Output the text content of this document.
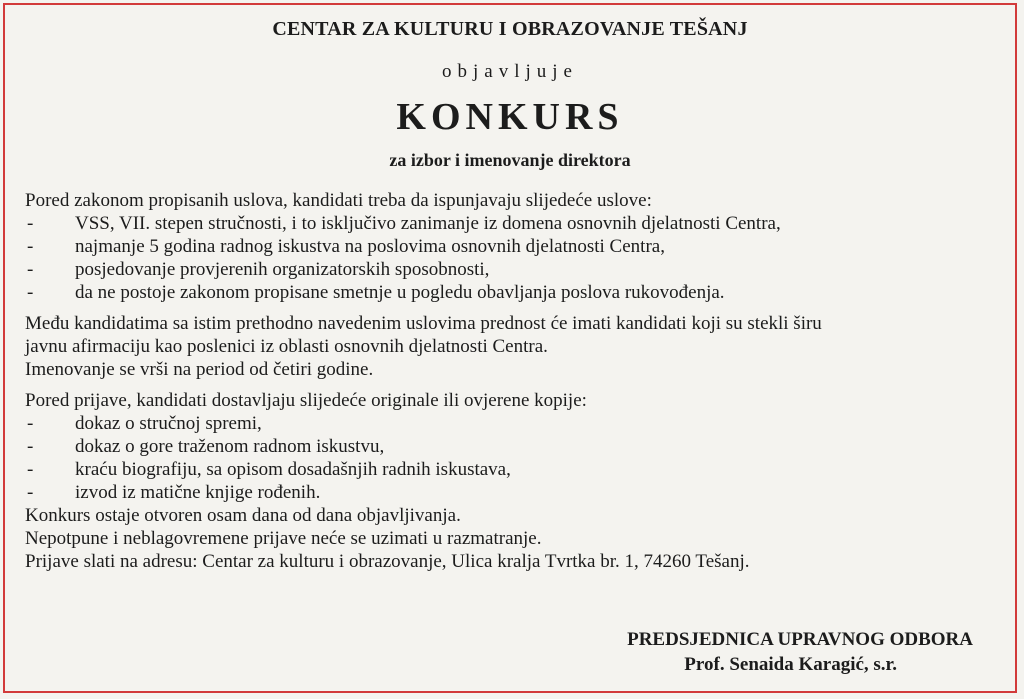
CENTAR ZA KULTURU I OBRAZOVANJE TEŠANJ
objavljuje
KONKURS
za izbor i imenovanje direktora

Pored zakonom propisanih uslova, kandidati treba da ispunjavaju slijedeće uslove:

- VSS, VII. stepen stručnosti, i to isključivo zanimanje iz domena osnovnih djelatnosti Centra,
- najmanje 5 godina radnog iskustva na poslovima osnovnih djelatnosti Centra,
- posjedovanje provjerenih organizatorskih sposobnosti,
- da ne postoje zakonom propisane smetnje u pogledu obavljanja poslova rukovođenja.

Među kandidatima sa istim prethodno navedenim uslovima prednost će imati kandidati koji su stekli širu

javnu afirmaciju kao poslenici iz oblasti osnovnih djelatnosti Centra.

Imenovanje se vrši na period od četiri godine.

Pored prijave, kandidati dostavljaju slijedeće originale ili ovjerene kopije:

- dokaz o stručnoj spremi,
- dokaz o gore traženom radnom iskustvu,
- kraću biografiju, sa opisom dosadašnjih radnih iskustava,
- izvod iz matične knjige rođenih.

Konkurs ostaje otvoren osam dana od dana objavljivanja.

Nepotpune i neblagovremene prijave neće se uzimati u razmatranje.

Prijave slati na adresu: Centar za kulturu i obrazovanje, Ulica kralja Tvrtka br. 1, 74260 Tešanj.

PREDSJEDNICA UPRAVNOG ODBORA
Prof. Senaida Karagić, s.r.
